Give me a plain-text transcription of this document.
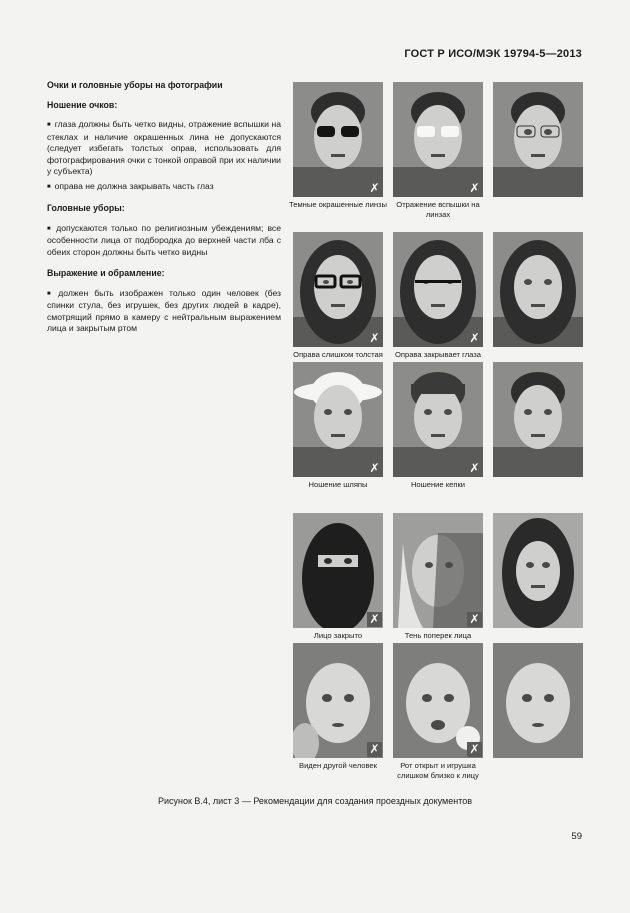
ГОСТ Р ИСО/МЭК 19794-5—2013
Очки и головные уборы на фотографии
Ношение очков:

■ глаза должны быть четко видны, отражение вспышки на стеклах и наличие окрашенных лина не допускаются (следует избегать толстых оправ, использовать для фотографирования очки с тонкой оправой при их наличии у субъекта)

■ оправа не должна закрывать часть глаз

Головные уборы:

■ допускаются только по религиозным убеждениям; все особенности лица от подбородка до верхней части лба с обеих сторон должны быть четко видны

Выражение и обрамление:

■ должен быть изображен только один человек (без спинки стула, без игрушек, без других людей в кадре), смотрящий прямо в камеру с нейтральным выражением лица и закрытым ртом

✗
Темные окрашенные линзы
✗
Отражение вспышки на линзах
✗
Оправа слишком толстая
✗
Оправа закрывает глаза
✗
Ношение шляпы
✗
Ношение кепки
✗
Лицо закрыто
✗
Тень поперек лица
✗
Виден другой человек
✗
Рот открыт и игрушка слишком близко к лицу
Рисунок В.4, лист 3 — Рекомендации для создания проездных документов
59
